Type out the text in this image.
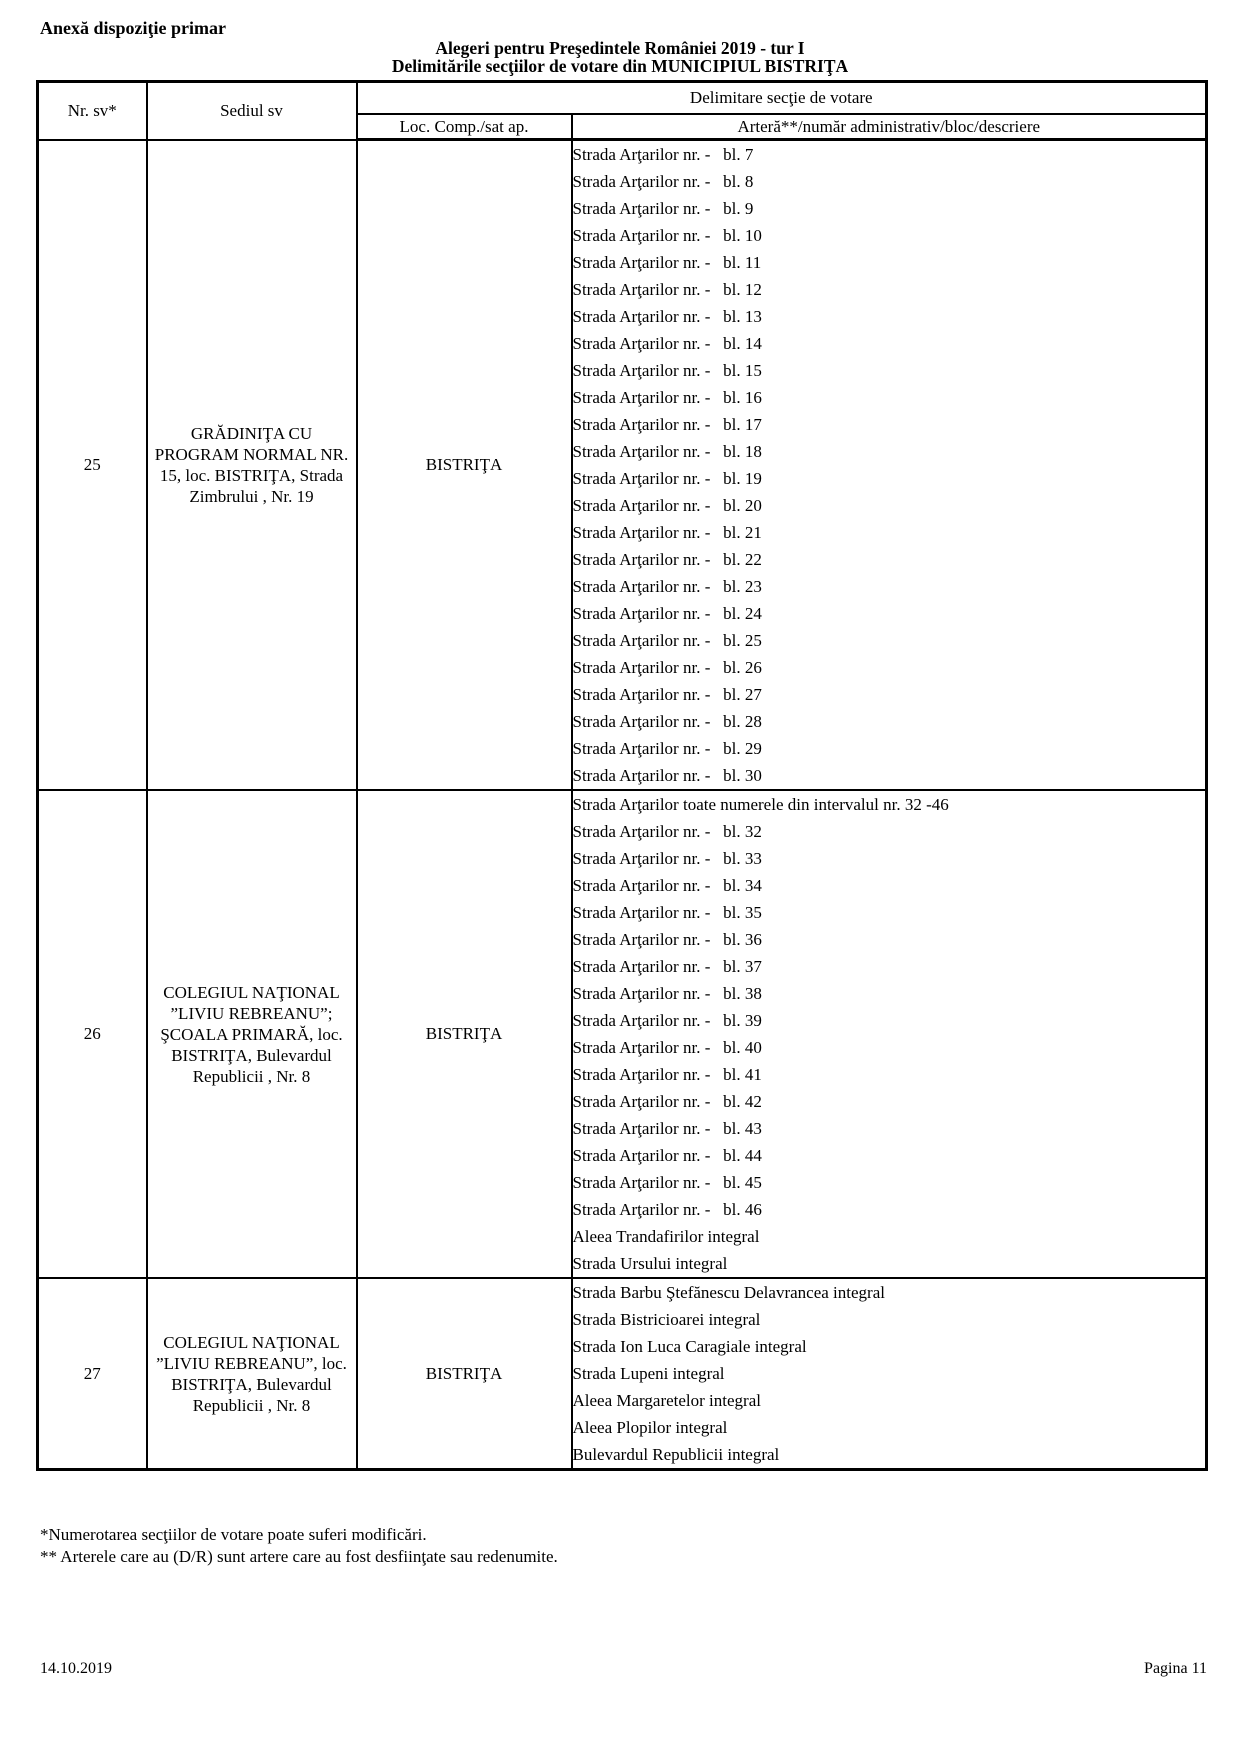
Anexă dispoziţie primar
Alegeri pentru Preşedintele României 2019 - tur I
Delimitările secţiilor de votare din MUNICIPIUL BISTRIŢA
Nr. sv*	Sediul sv	Delimitare secţie de votare	
		Loc. Comp./sat ap.	Arteră**/număr administrativ/bloc/descriere
25	GRĂDINIŢA CU PROGRAM NORMAL NR. 15, loc. BISTRIŢA, Strada Zimbrului , Nr. 19	BISTRIŢA	
Strada Arţarilor nr. -   bl. 7
Strada Arţarilor nr. -   bl. 8
Strada Arţarilor nr. -   bl. 9
Strada Arţarilor nr. -   bl. 10
Strada Arţarilor nr. -   bl. 11
Strada Arţarilor nr. -   bl. 12
Strada Arţarilor nr. -   bl. 13
Strada Arţarilor nr. -   bl. 14
Strada Arţarilor nr. -   bl. 15
Strada Arţarilor nr. -   bl. 16
Strada Arţarilor nr. -   bl. 17
Strada Arţarilor nr. -   bl. 18
Strada Arţarilor nr. -   bl. 19
Strada Arţarilor nr. -   bl. 20
Strada Arţarilor nr. -   bl. 21
Strada Arţarilor nr. -   bl. 22
Strada Arţarilor nr. -   bl. 23
Strada Arţarilor nr. -   bl. 24
Strada Arţarilor nr. -   bl. 25
Strada Arţarilor nr. -   bl. 26
Strada Arţarilor nr. -   bl. 27
Strada Arţarilor nr. -   bl. 28
Strada Arţarilor nr. -   bl. 29
Strada Arţarilor nr. -   bl. 30

26	COLEGIUL NAŢIONAL ”LIVIU REBREANU”; ŞCOALA PRIMARĂ, loc. BISTRIŢA, Bulevardul Republicii , Nr. 8	BISTRIŢA	
Strada Arţarilor toate numerele din intervalul nr. 32 -46
Strada Arţarilor nr. -   bl. 32
Strada Arţarilor nr. -   bl. 33
Strada Arţarilor nr. -   bl. 34
Strada Arţarilor nr. -   bl. 35
Strada Arţarilor nr. -   bl. 36
Strada Arţarilor nr. -   bl. 37
Strada Arţarilor nr. -   bl. 38
Strada Arţarilor nr. -   bl. 39
Strada Arţarilor nr. -   bl. 40
Strada Arţarilor nr. -   bl. 41
Strada Arţarilor nr. -   bl. 42
Strada Arţarilor nr. -   bl. 43
Strada Arţarilor nr. -   bl. 44
Strada Arţarilor nr. -   bl. 45
Strada Arţarilor nr. -   bl. 46
Aleea Trandafirilor integral
Strada Ursului integral

27	COLEGIUL NAŢIONAL ”LIVIU REBREANU”, loc. BISTRIŢA, Bulevardul Republicii , Nr. 8	BISTRIŢA	
Strada Barbu Ştefănescu Delavrancea integral
Strada Bistricioarei integral
Strada Ion Luca Caragiale integral
Strada Lupeni integral
Aleea Margaretelor integral
Aleea Plopilor integral
Bulevardul Republicii integral
*Numerotarea secţiilor de votare poate suferi modificări.
** Arterele care au (D/R) sunt artere care au fost desfiinţate sau redenumite.
14.10.2019	Pagina 11
